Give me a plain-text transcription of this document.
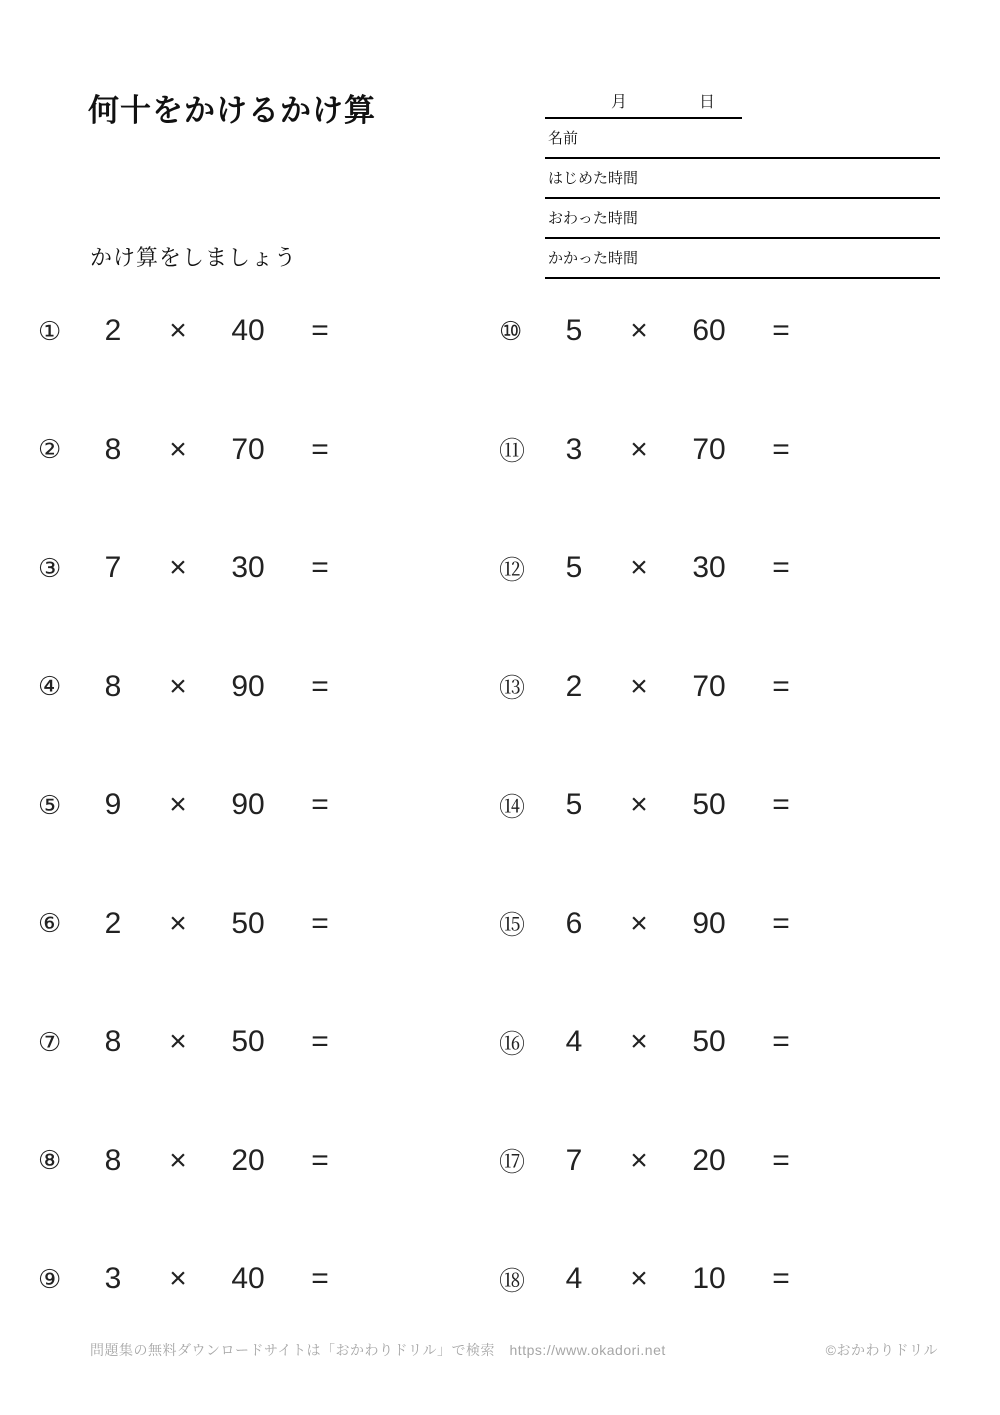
何十をかけるかけ算	月	日
名前
はじめた時間
おわった時間
かかった時間
かけ算をしましょう
①	2	×	40	=
②	8	×	70	=
③	7	×	30	=
④	8	×	90	=
⑤	9	×	90	=
⑥	2	×	50	=
⑦	8	×	50	=
⑧	8	×	20	=
⑨	3	×	40	=
⑩	5	×	60	=
⑪	3	×	70	=
⑫	5	×	30	=
⑬	2	×	70	=
⑭	5	×	50	=
⑮	6	×	90	=
⑯	4	×	50	=
⑰	7	×	20	=
⑱	4	×	10	=
問題集の無料ダウンロードサイトは「おかわりドリル」で検索　https://www.okadori.net	©おかわりドリル
